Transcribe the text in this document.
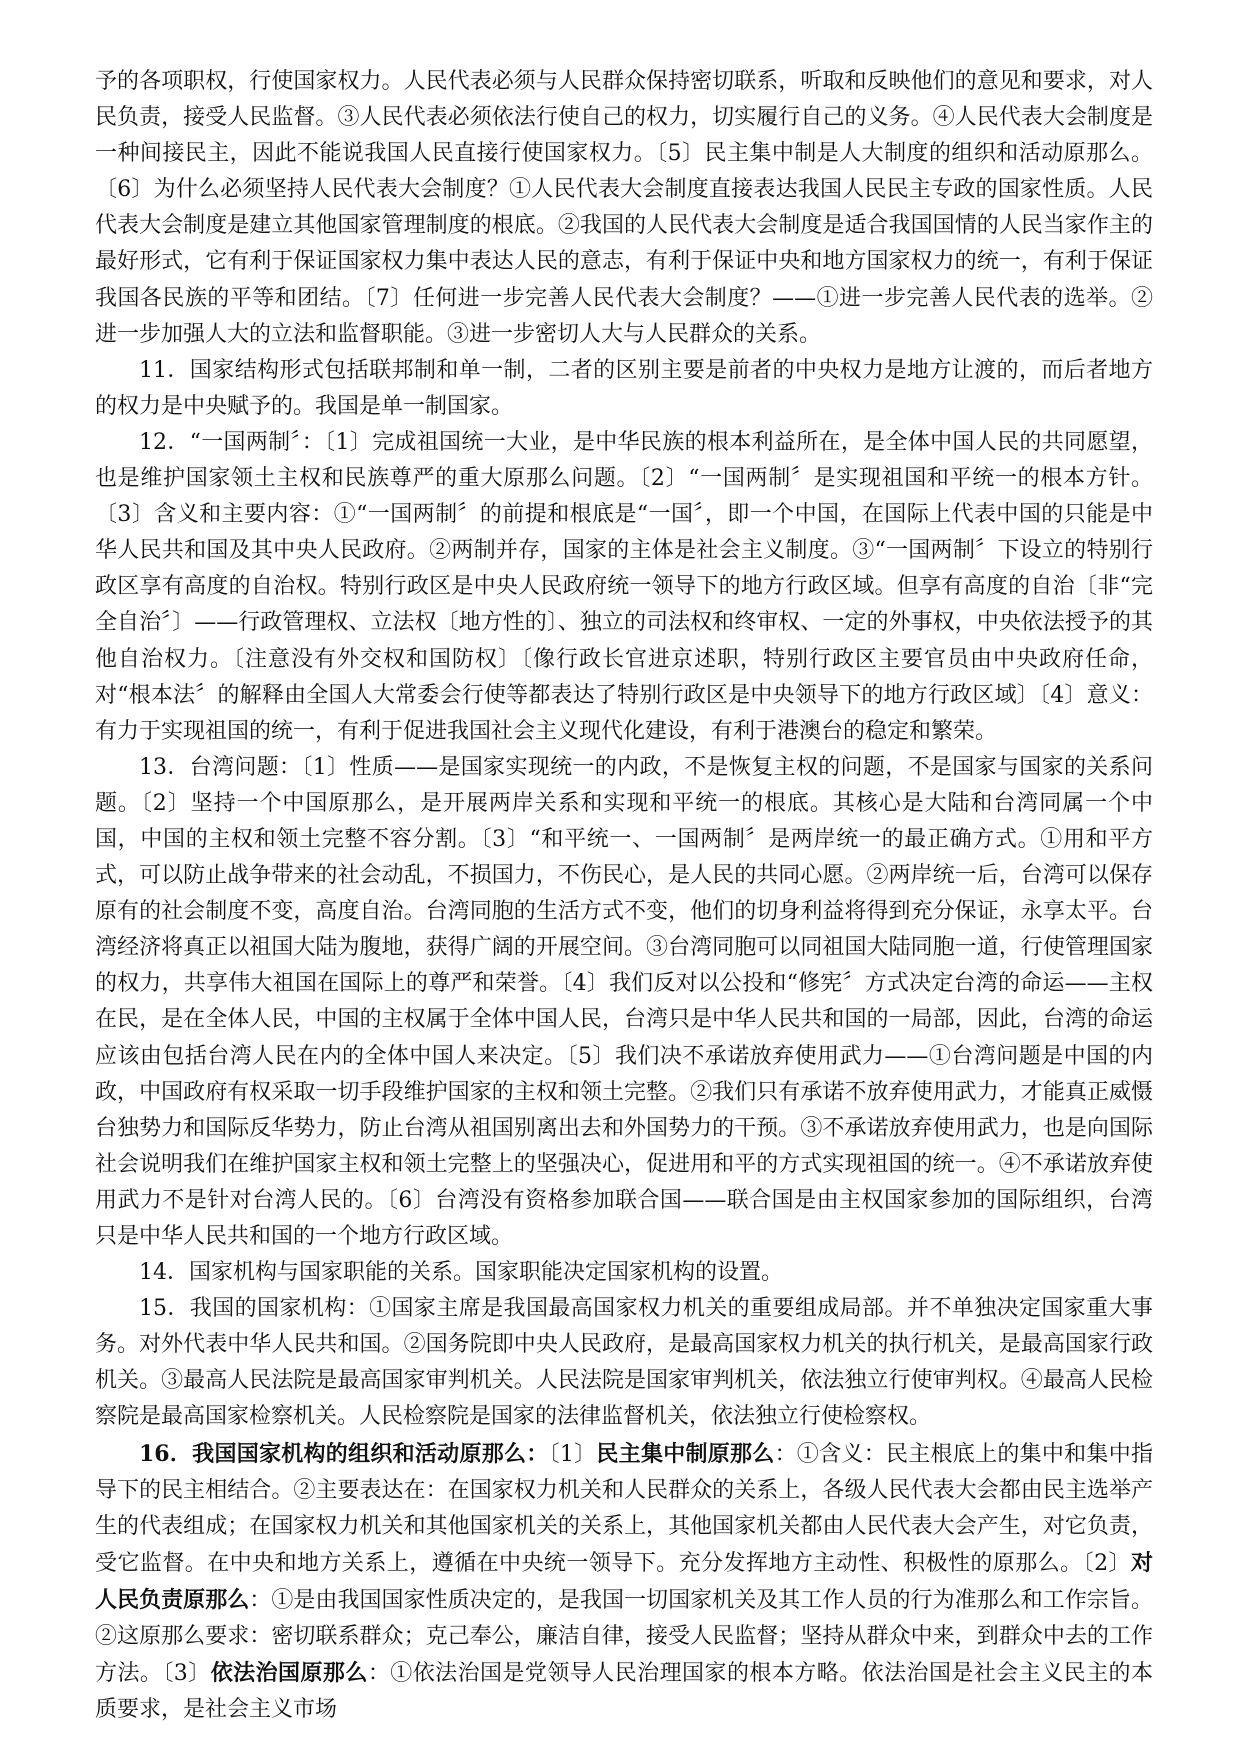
予的各项职权，行使国家权力。人民代表必须与人民群众保持密切联系，听取和反映他们的意见和要求，对人民负责，接受人民监督。③人民代表必须依法行使自己的权力，切实履行自己的义务。④人民代表大会制度是一种间接民主，因此不能说我国人民直接行使国家权力。〔5〕民主集中制是人大制度的组织和活动原那么。〔6〕为什么必须坚持人民代表大会制度？①人民代表大会制度直接表达我国人民民主专政的国家性质。人民代表大会制度是建立其他国家管理制度的根底。②我国的人民代表大会制度是适合我国国情的人民当家作主的最好形式，它有利于保证国家权力集中表达人民的意志，有利于保证中央和地方国家权力的统一，有利于保证我国各民族的平等和团结。〔7〕任何进一步完善人民代表大会制度？——①进一步完善人民代表的选举。②进一步加强人大的立法和监督职能。③进一步密切人大与人民群众的关系。

11．国家结构形式包括联邦制和单一制，二者的区别主要是前者的中央权力是地方让渡的，而后者地方的权力是中央赋予的。我国是单一制国家。

12．“一国两制〞：〔1〕完成祖国统一大业，是中华民族的根本利益所在，是全体中国人民的共同愿望，也是维护国家领土主权和民族尊严的重大原那么问题。〔2〕“一国两制〞是实现祖国和平统一的根本方针。〔3〕含义和主要内容：①“一国两制〞的前提和根底是“一国〞，即一个中国，在国际上代表中国的只能是中华人民共和国及其中央人民政府。②两制并存，国家的主体是社会主义制度。③“一国两制〞下设立的特别行政区享有高度的自治权。特别行政区是中央人民政府统一领导下的地方行政区域。但享有高度的自治〔非“完全自治〞〕——行政管理权、立法权〔地方性的〕、独立的司法权和终审权、一定的外事权，中央依法授予的其他自治权力。〔注意没有外交权和国防权〕〔像行政长官进京述职，特别行政区主要官员由中央政府任命，对“根本法〞的解释由全国人大常委会行使等都表达了特别行政区是中央领导下的地方行政区域〕〔4〕意义：有力于实现祖国的统一，有利于促进我国社会主义现代化建设，有利于港澳台的稳定和繁荣。

13．台湾问题：〔1〕性质——是国家实现统一的内政，不是恢复主权的问题，不是国家与国家的关系问题。〔2〕坚持一个中国原那么，是开展两岸关系和实现和平统一的根底。其核心是大陆和台湾同属一个中国，中国的主权和领土完整不容分割。〔3〕“和平统一、一国两制〞是两岸统一的最正确方式。①用和平方式，可以防止战争带来的社会动乱，不损国力，不伤民心，是人民的共同心愿。②两岸统一后，台湾可以保存原有的社会制度不变，高度自治。台湾同胞的生活方式不变，他们的切身利益将得到充分保证，永享太平。台湾经济将真正以祖国大陆为腹地，获得广阔的开展空间。③台湾同胞可以同祖国大陆同胞一道，行使管理国家的权力，共享伟大祖国在国际上的尊严和荣誉。〔4〕我们反对以公投和“修宪〞方式决定台湾的命运——主权在民，是在全体人民，中国的主权属于全体中国人民，台湾只是中华人民共和国的一局部，因此，台湾的命运应该由包括台湾人民在内的全体中国人来决定。〔5〕我们决不承诺放弃使用武力——①台湾问题是中国的内政，中国政府有权采取一切手段维护国家的主权和领土完整。②我们只有承诺不放弃使用武力，才能真正威慑台独势力和国际反华势力，防止台湾从祖国别离出去和外国势力的干预。③不承诺放弃使用武力，也是向国际社会说明我们在维护国家主权和领土完整上的坚强决心，促进用和平的方式实现祖国的统一。④不承诺放弃使用武力不是针对台湾人民的。〔6〕台湾没有资格参加联合国——联合国是由主权国家参加的国际组织，台湾只是中华人民共和国的一个地方行政区域。

14．国家机构与国家职能的关系。国家职能决定国家机构的设置。

15．我国的国家机构：①国家主席是我国最高国家权力机关的重要组成局部。并不单独决定国家重大事务。对外代表中华人民共和国。②国务院即中央人民政府，是最高国家权力机关的执行机关，是最高国家行政机关。③最高人民法院是最高国家审判机关。人民法院是国家审判机关，依法独立行使审判权。④最高人民检察院是最高国家检察机关。人民检察院是国家的法律监督机关，依法独立行使检察权。

16．我国国家机构的组织和活动原那么：〔1〕民主集中制原那么：①含义：民主根底上的集中和集中指导下的民主相结合。②主要表达在：在国家权力机关和人民群众的关系上，各级人民代表大会都由民主选举产生的代表组成；在国家权力机关和其他国家机关的关系上，其他国家机关都由人民代表大会产生，对它负责，受它监督。在中央和地方关系上，遵循在中央统一领导下。充分发挥地方主动性、积极性的原那么。〔2〕对人民负责原那么：①是由我国国家性质决定的，是我国一切国家机关及其工作人员的行为准那么和工作宗旨。②这原那么要求：密切联系群众；克己奉公，廉洁自律，接受人民监督；坚持从群众中来，到群众中去的工作方法。〔3〕依法治国原那么：①依法治国是党领导人民治理国家的根本方略。依法治国是社会主义民主的本质要求，是社会主义市场
